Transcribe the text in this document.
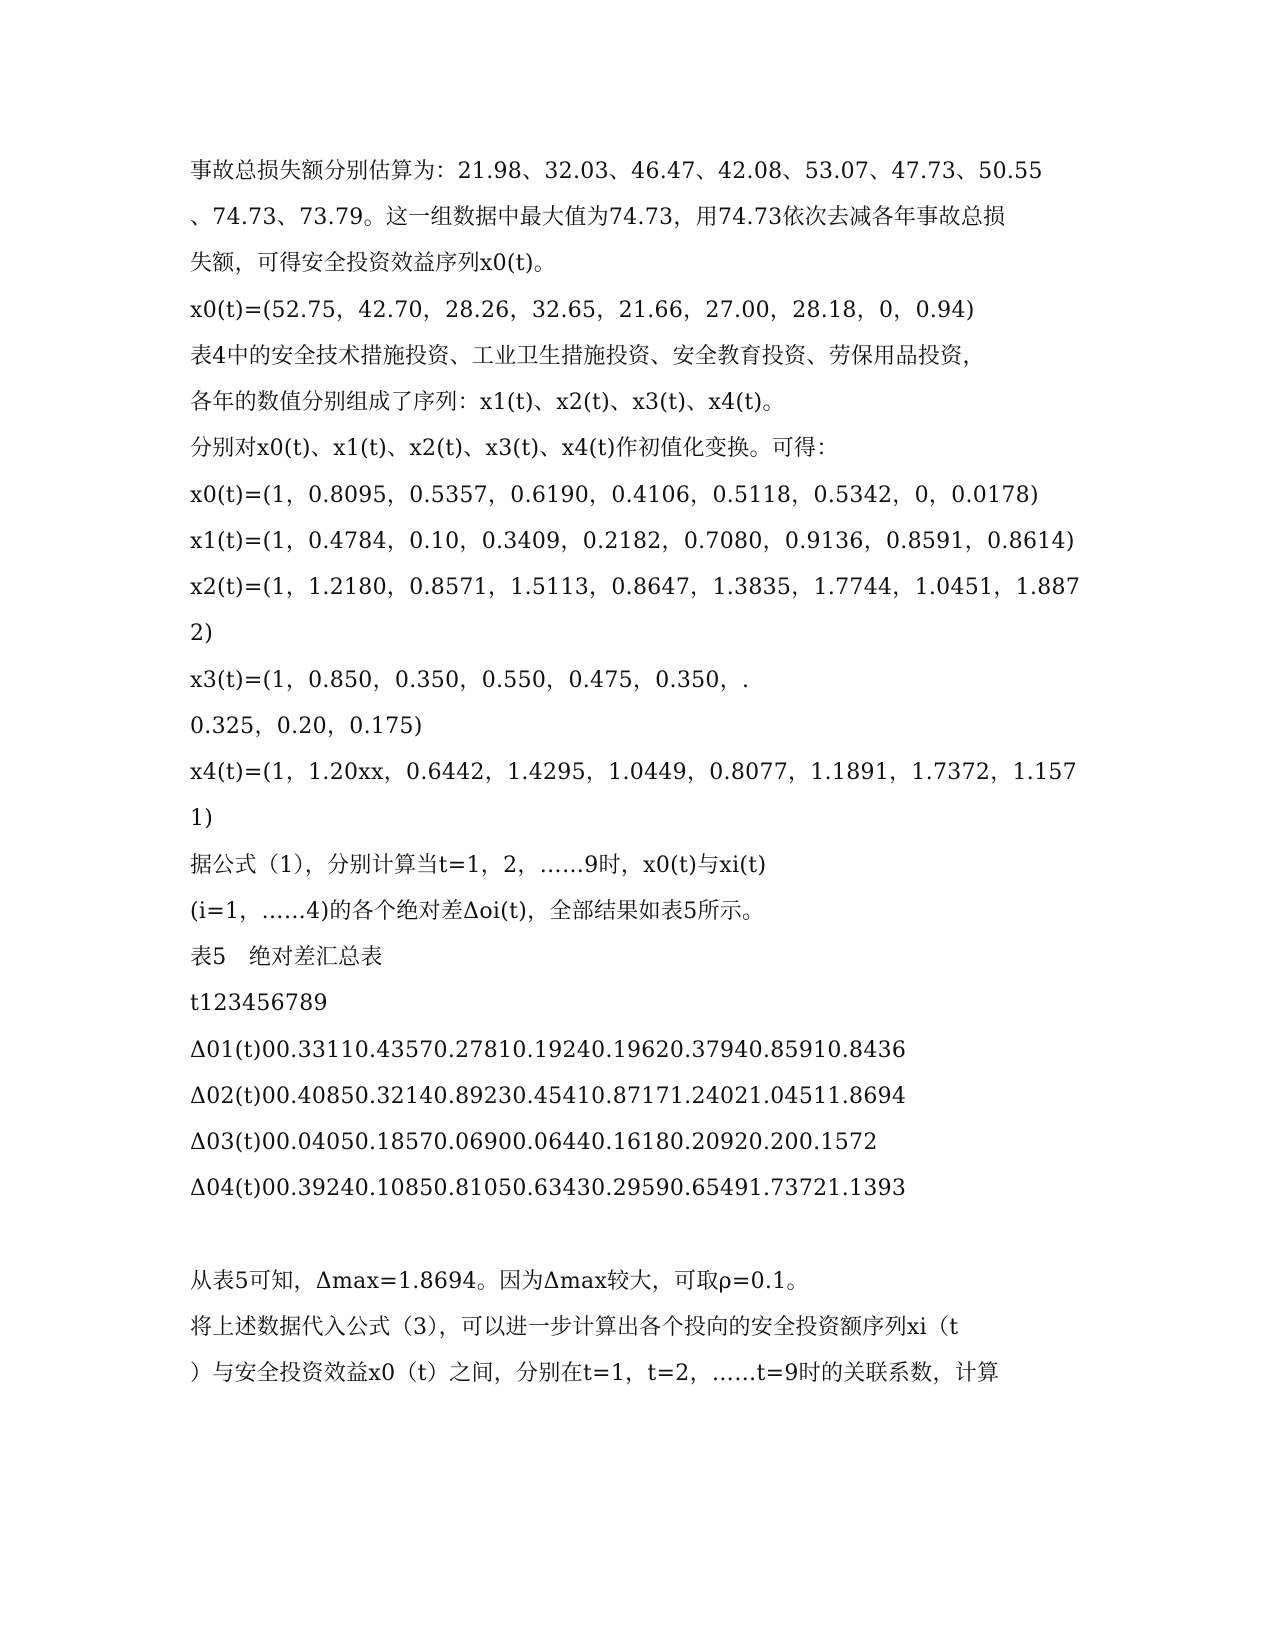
事故总损失额分别估算为：21.98、32.03、46.47、42.08、53.07、47.73、50.55

、74.73、73.79。这一组数据中最大值为74.73，用74.73依次去减各年事故总损

失额，可得安全投资效益序列x0(t)。

x0(t)=(52.75，42.70，28.26，32.65，21.66，27.00，28.18，0，0.94)

表4中的安全技术措施投资、工业卫生措施投资、安全教育投资、劳保用品投资，

各年的数值分别组成了序列：x1(t)、x2(t)、x3(t)、x4(t)。

分别对x0(t)、x1(t)、x2(t)、x3(t)、x4(t)作初值化变换。可得：

x0(t)=(1，0.8095，0.5357，0.6190，0.4106，0.5118，0.5342，0，0.0178)

x1(t)=(1，0.4784，0.10，0.3409，0.2182，0.7080，0.9136，0.8591，0.8614)

x2(t)=(1，1.2180，0.8571，1.5113，0.8647，1.3835，1.7744，1.0451，1.887

2)

x3(t)=(1，0.850，0.350，0.550，0.475，0.350，.

0.325，0.20，0.175)

x4(t)=(1，1.20xx，0.6442，1.4295，1.0449，0.8077，1.1891，1.7372，1.157

1)

据公式（1），分别计算当t=1，2，……9时，x0(t)与xi(t)

(i=1，……4)的各个绝对差Δoi(t)，全部结果如表5所示。

表5　绝对差汇总表

t123456789

Δ01(t)00.33110.43570.27810.19240.19620.37940.85910.8436

Δ02(t)00.40850.32140.89230.45410.87171.24021.04511.8694

Δ03(t)00.04050.18570.06900.06440.16180.20920.200.1572

Δ04(t)00.39240.10850.81050.63430.29590.65491.73721.1393

从表5可知，Δmax=1.8694。因为Δmax较大，可取ρ=0.1。

将上述数据代入公式（3），可以进一步计算出各个投向的安全投资额序列xi（t

）与安全投资效益x0（t）之间，分别在t=1，t=2，……t=9时的关联系数，计算
